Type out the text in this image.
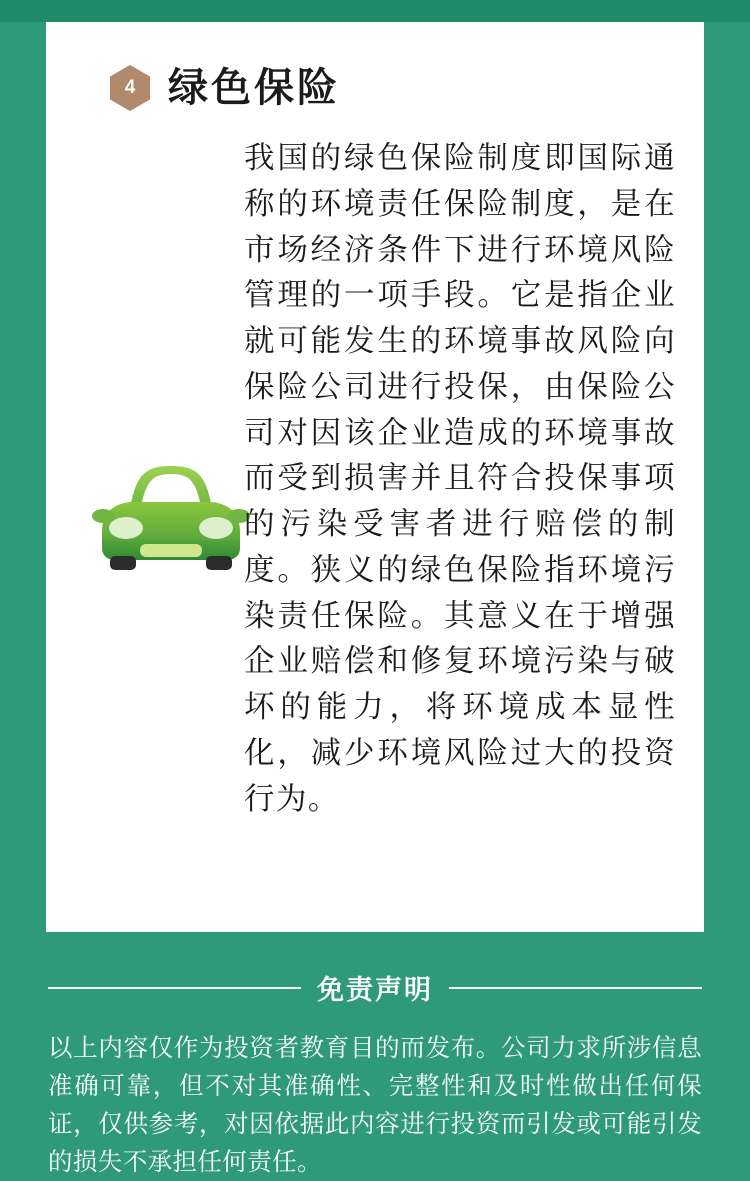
4 绿色保险
我国的绿色保险制度即国际通称的环境责任保险制度，是在市场经济条件下进行环境风险管理的一项手段。它是指企业就可能发生的环境事故风险向保险公司进行投保，由保险公司对因该企业造成的环境事故而受到损害并且符合投保事项的污染受害者进行赔偿的制度。狭义的绿色保险指环境污染责任保险。其意义在于增强企业赔偿和修复环境污染与破坏的能力，将环境成本显性化，减少环境风险过大的投资行为。
免责声明
以上内容仅作为投资者教育目的而发布。公司力求所涉信息准确可靠，但不对其准确性、完整性和及时性做出任何保证，仅供参考，对因依据此内容进行投资而引发或可能引发的损失不承担任何责任。
